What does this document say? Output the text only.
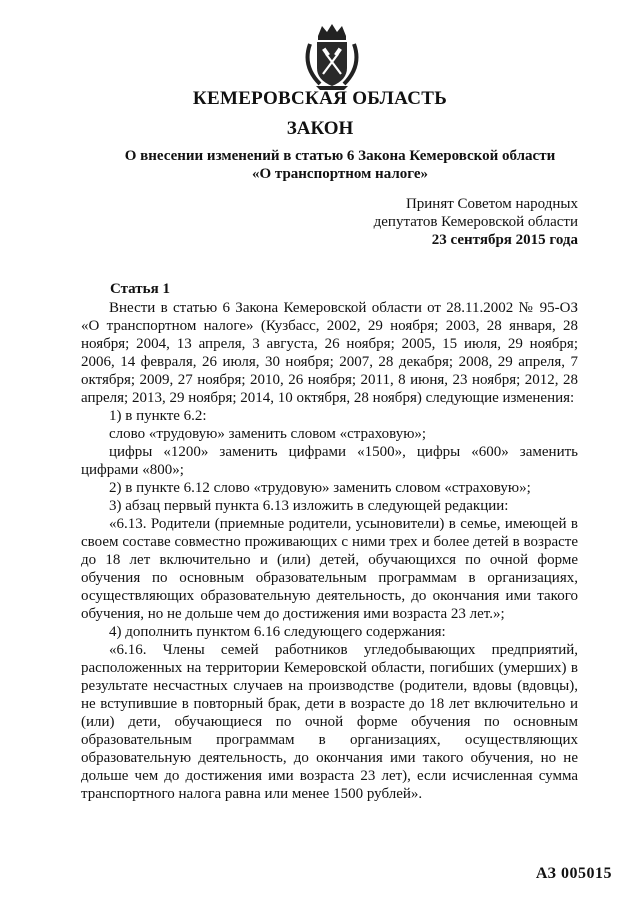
КЕМЕРОВСКАЯ ОБЛАСТЬ
ЗАКОН
О внесении изменений в статью 6 Закона Кемеровской области
«О транспортном налоге»
Принят Советом народных
депутатов Кемеровской области
23 сентября 2015 года
Статья 1

Внести в статью 6 Закона Кемеровской области от 28.11.2002 № 95-ОЗ «О транспортном налоге» (Кузбасс, 2002, 29 ноября; 2003, 28 января, 28 ноября; 2004, 13 апреля, 3 августа, 26 ноября; 2005, 15 июля, 29 ноября; 2006, 14 февраля, 26 июля, 30 ноября; 2007, 28 декабря; 2008, 29 апреля, 7 октября; 2009, 27 ноября; 2010, 26 ноября; 2011, 8 июня, 23 ноября; 2012, 28 апреля; 2013, 29 ноября; 2014, 10 октября, 28 ноября) следующие изменения:

1) в пункте 6.2:

слово «трудовую» заменить словом «страховую»;

цифры «1200» заменить цифрами «1500», цифры «600» заменить цифрами «800»;

2) в пункте 6.12 слово «трудовую» заменить словом «страховую»;

3) абзац первый пункта 6.13 изложить в следующей редакции:

«6.13. Родители (приемные родители, усыновители) в семье, имеющей в своем составе совместно проживающих с ними трех и более детей в возрасте до 18 лет включительно и (или) детей, обучающихся по очной форме обучения по основным образовательным программам в организациях, осуществляющих образовательную деятельность, до окончания ими такого обучения, но не дольше чем до достижения ими возраста 23 лет.»;

4) дополнить пунктом 6.16 следующего содержания:

«6.16. Члены семей работников угледобывающих предприятий, расположенных на территории Кемеровской области, погибших (умерших) в результате несчастных случаев на производстве (родители, вдовы (вдовцы), не вступившие в повторный брак, дети в возрасте до 18 лет включительно и (или) дети, обучающиеся по очной форме обучения по основным образовательным программам в организациях, осуществляющих образовательную деятельность, до окончания ими такого обучения, но не дольше чем до достижения ими возраста 23 лет), если исчисленная сумма транспортного налога равна или менее 1500 рублей».

АЗ 005015
